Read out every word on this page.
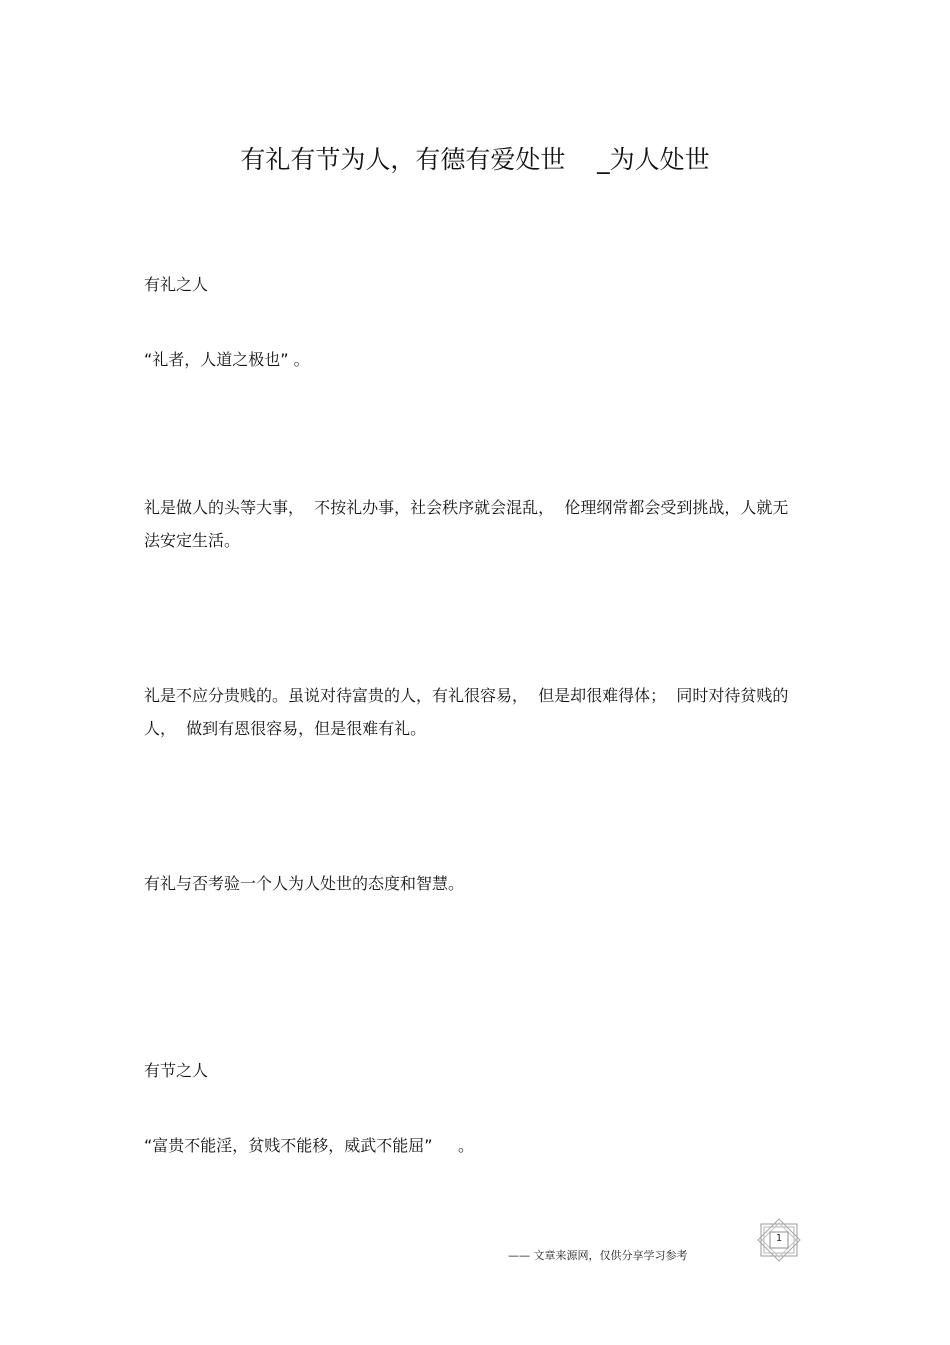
有礼有节为人，有德有爱处世    _为人处世

有礼之人

“礼者，人道之极也” 。

礼是做人的头等大事，  不按礼办事，社会秩序就会混乱，  伦理纲常都会受到挑战，人就无法安定生活。

礼是不应分贵贱的。虽说对待富贵的人，有礼很容易，  但是却很难得体；  同时对待贫贱的人，  做到有恩很容易，但是很难有礼。

有礼与否考验一个人为人处世的态度和智慧。

有节之人

“富贵不能淫，贫贱不能移，威武不能屈”     。

—— 文章来源网，仅供分享学习参考
1
